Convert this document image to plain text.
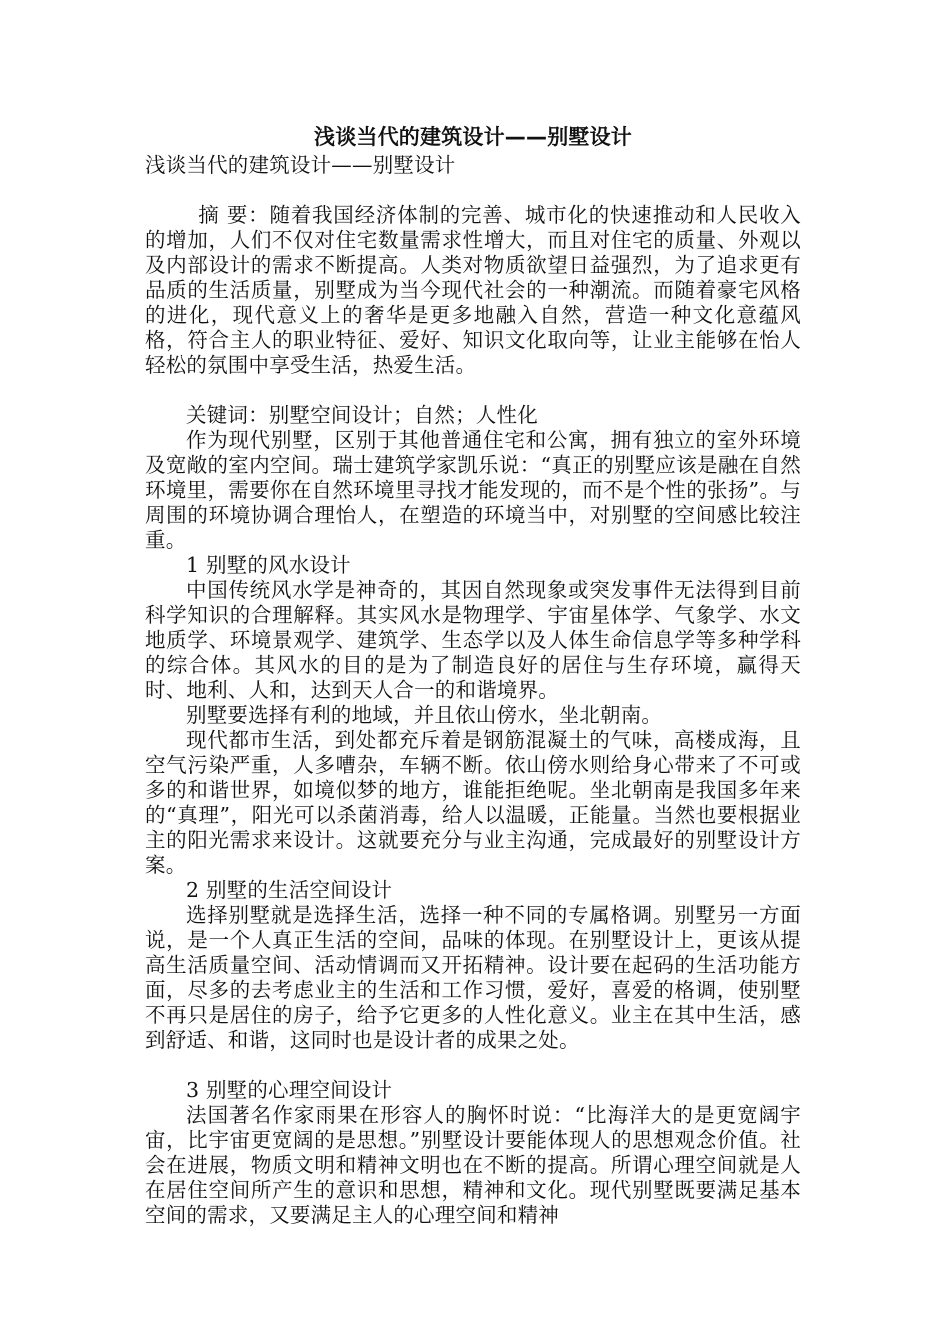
浅谈当代的建筑设计——别墅设计
浅谈当代的建筑设计——别墅设计

摘 要：随着我国经济体制的完善、城市化的快速推动和人民收入的增加，人们不仅对住宅数量需求性增大，而且对住宅的质量、外观以及内部设计的需求不断提高。人类对物质欲望日益强烈，为了追求更有品质的生活质量，别墅成为当今现代社会的一种潮流。而随着豪宅风格的进化，现代意义上的奢华是更多地融入自然，营造一种文化意蕴风格，符合主人的职业特征、爱好、知识文化取向等，让业主能够在怡人轻松的氛围中享受生活，热爱生活。

关键词：别墅空间设计；自然；人性化

作为现代别墅，区别于其他普通住宅和公寓，拥有独立的室外环境及宽敞的室内空间。瑞士建筑学家凯乐说：“真正的别墅应该是融在自然环境里，需要你在自然环境里寻找才能发现的，而不是个性的张扬”。与周围的环境协调合理怡人，在塑造的环境当中，对别墅的空间感比较注重。

1 别墅的风水设计

中国传统风水学是神奇的，其因自然现象或突发事件无法得到目前科学知识的合理解释。其实风水是物理学、宇宙星体学、气象学、水文地质学、环境景观学、建筑学、生态学以及人体生命信息学等多种学科的综合体。其风水的目的是为了制造良好的居住与生存环境，赢得天时、地利、人和，达到天人合一的和谐境界。

别墅要选择有利的地域，并且依山傍水，坐北朝南。

现代都市生活，到处都充斥着是钢筋混凝土的气味，高楼成海，且空气污染严重，人多嘈杂，车辆不断。依山傍水则给身心带来了不可或多的和谐世界，如境似梦的地方，谁能拒绝呢。坐北朝南是我国多年来的“真理”，阳光可以杀菌消毒，给人以温暖，正能量。当然也要根据业主的阳光需求来设计。这就要充分与业主沟通，完成最好的别墅设计方案。

2 别墅的生活空间设计

选择别墅就是选择生活，选择一种不同的专属格调。别墅另一方面说，是一个人真正生活的空间，品味的体现。在别墅设计上，更该从提高生活质量空间、活动情调而又开拓精神。设计要在起码的生活功能方面，尽多的去考虑业主的生活和工作习惯，爱好，喜爱的格调，使别墅不再只是居住的房子，给予它更多的人性化意义。业主在其中生活，感到舒适、和谐，这同时也是设计者的成果之处。

3 别墅的心理空间设计

法国著名作家雨果在形容人的胸怀时说：“比海洋大的是更宽阔宇宙，比宇宙更宽阔的是思想。”别墅设计要能体现人的思想观念价值。社会在进展，物质文明和精神文明也在不断的提高。所谓心理空间就是人在居住空间所产生的意识和思想，精神和文化。现代别墅既要满足基本空间的需求，又要满足主人的心理空间和精神
